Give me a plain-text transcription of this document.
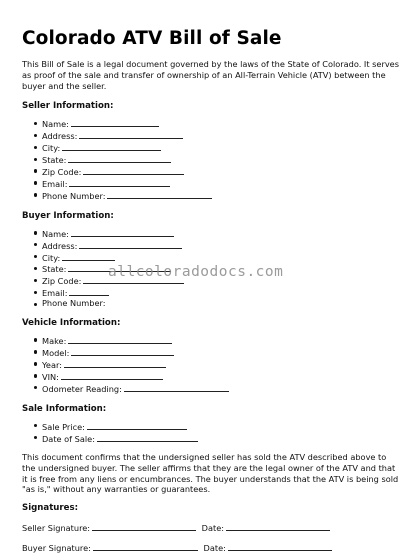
Colorado ATV Bill of Sale

This Bill of Sale is a legal document governed by the laws of the State of Colorado. It serves as proof of the sale and transfer of ownership of an All-Terrain Vehicle (ATV) between the buyer and the seller.

Seller Information:
Name:
Address:
City:
State:
Zip Code:
Email:
Phone Number:
Buyer Information:
Name:
Address:
City:
State:
Zip Code:
Email:
Phone Number:
Vehicle Information:
Make:
Model:
Year:
VIN:
Odometer Reading:
Sale Information:
Sale Price:
Date of Sale:

This document confirms that the undersigned seller has sold the ATV described above to the undersigned buyer. The seller affirms that they are the legal owner of the ATV and that it is free from any liens or encumbrances. The buyer understands that the ATV is being sold "as is," without any warranties or guarantees.

Signatures:
Seller Signature:	Date:
Buyer Signature:	Date:
allcoloradodocs.com
